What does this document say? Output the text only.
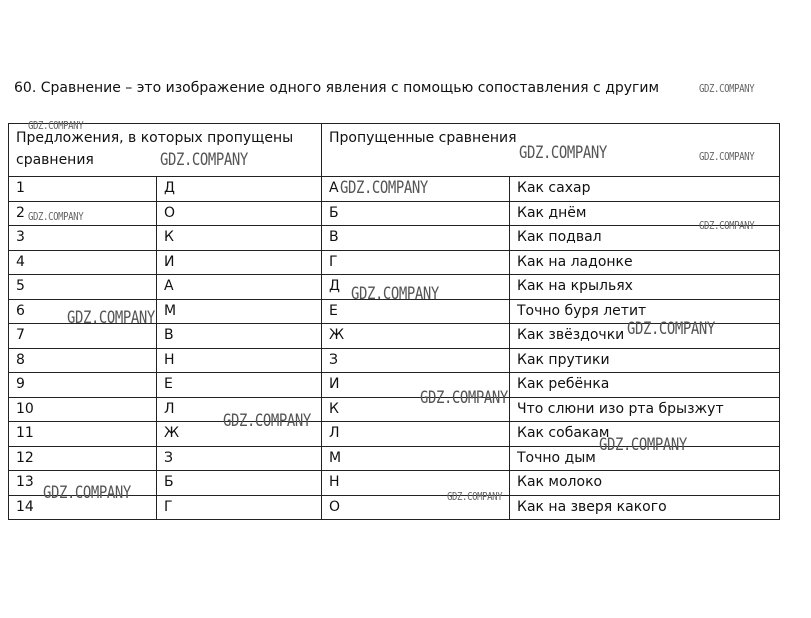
60. Сравнение – это изображение одного явления с помощью сопоставления с другим
Предложения, в которых пропущены сравнения		Пропущенные сравнения	
1	Д	А	Как сахар
2	О	Б	Как днём
3	К	В	Как подвал
4	И	Г	Как на ладонке
5	А	Д	Как на крыльях
6	М	Е	Точно буря летит
7	В	Ж	Как звёздочки
8	Н	З	Как прутики
9	Е	И	Как ребёнка
10	Л	К	Что слюни изо рта брызжут
11	Ж	Л	Как собакам
12	З	М	Точно дым
13	Б	Н	Как молоко
14	Г	О	Как на зверя какого
GDZ.COMPANY
GDZ.COMPANY
GDZ.COMPANY	GDZ.COMPANY	GDZ.COMPANY
GDZ.COMPANY
GDZ.COMPANY
GDZ.COMPANY
GDZ.COMPANY
GDZ.COMPANY
GDZ.COMPANY
GDZ.COMPANY
GDZ.COMPANY
GDZ.COMPANY
GDZ.COMPANY	GDZ.COMPANY
